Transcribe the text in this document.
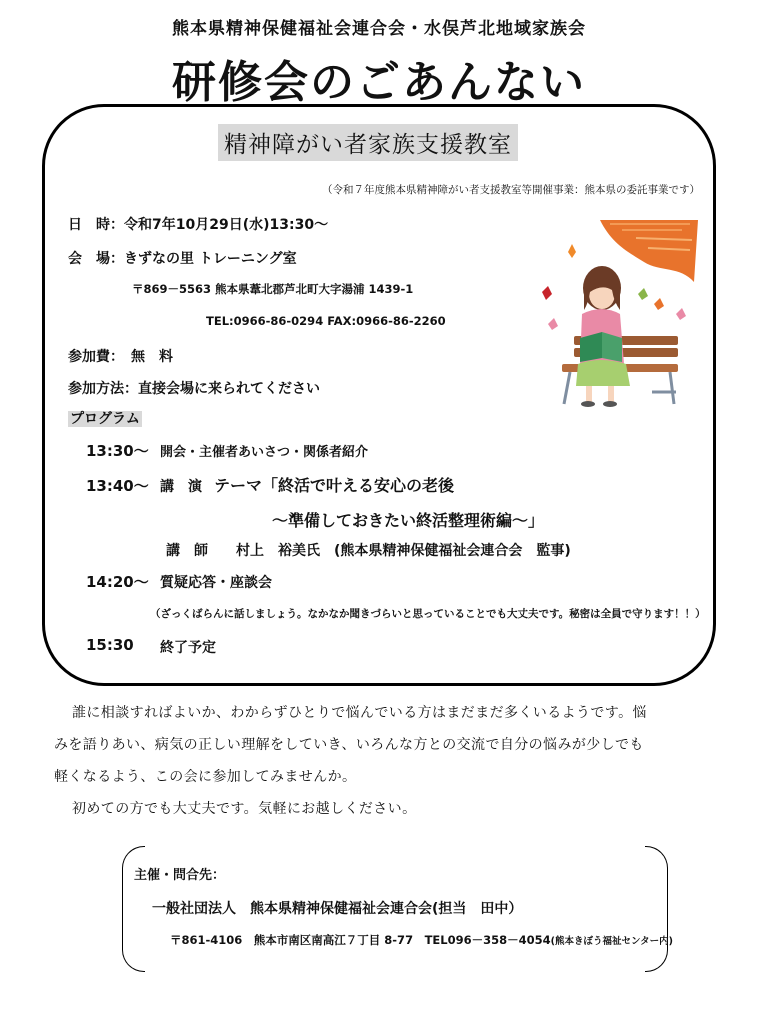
熊本県精神保健福祉会連合会・水俣芦北地域家族会
研修会のごあんない
精神障がい者家族支援教室
（令和７年度熊本県精神障がい者支援教室等開催事業：熊本県の委託事業です）
日　時：令和7年10月29日(水)13:30～
会　場：きずなの里 トレーニング室
〒869－5563 熊本県葦北郡芦北町大字湯浦 1439-1
TEL:0966-86-0294 FAX:0966-86-2260
参加費：　無　料
参加方法：直接会場に来られてください
プログラム
13:30～ 開会・主催者あいさつ・関係者紹介
13:40～ 講　演 テーマ「終活で叶える安心の老後
～準備しておきたい終活整理術編～」
講　師　　村上　裕美氏　(熊本県精神保健福祉会連合会　監事)
14:20～ 質疑応答・座談会
（ざっくばらんに話しましょう。なかなか聞きづらいと思っていることでも大丈夫です。秘密は全員で守ります！！）
15:30 終了予定
誰に相談すればよいか、わからずひとりで悩んでいる方はまだまだ多くいるようです。悩
みを語りあい、病気の正しい理解をしていき、いろんな方との交流で自分の悩みが少しでも
軽くなるよう、この会に参加してみませんか。
初めての方でも大丈夫です。気軽にお越しください。
主催・問合先：
一般社団法人　熊本県精神保健福祉会連合会(担当　田中）
〒861-4106　熊本市南区南高江７丁目 8-77　TEL096－358－4054(熊本きぼう福祉センター内)
